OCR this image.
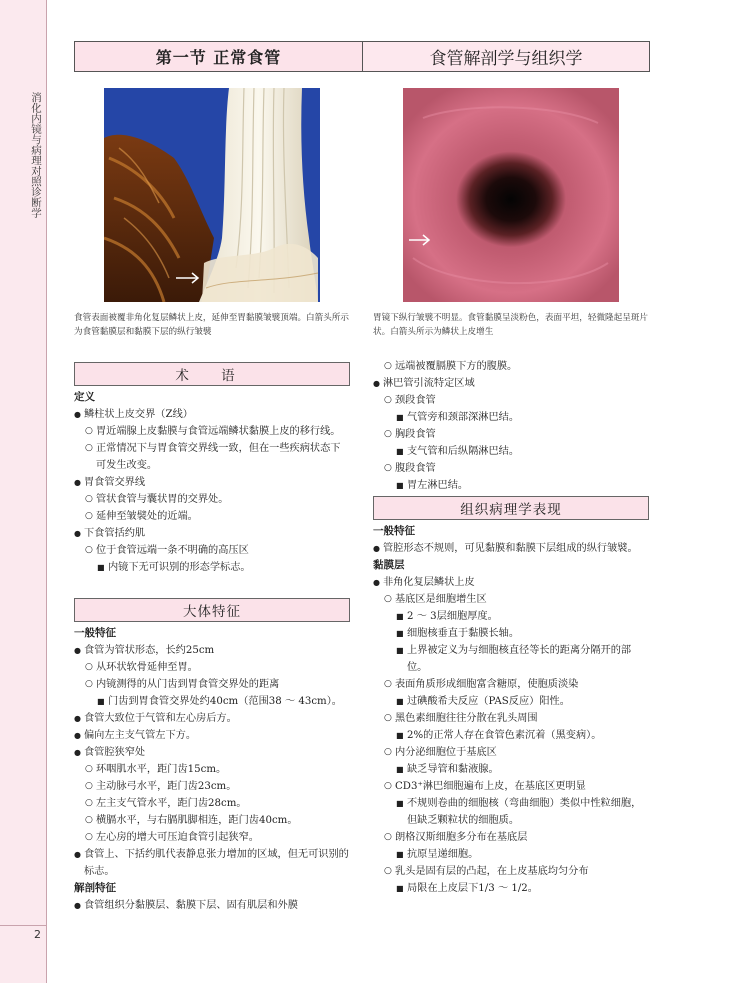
消化内镜与病理对照诊断学
2
第一节 正常食管	食管解剖学与组织学
食管表面被覆非角化复层鳞状上皮，延伸至胃黏膜皱襞顶端。白箭头所示为食管黏膜层和黏膜下层的纵行皱襞
胃镜下纵行皱襞不明显。食管黏膜呈淡粉色，表面平坦，轻微隆起呈斑片状。白箭头所示为鳞状上皮增生
术 语
大体特征
组织病理学表现
定义
● 鳞柱状上皮交界（Z线）
○ 胃近端腺上皮黏膜与食管远端鳞状黏膜上皮的移行线。
○ 正常情况下与胃食管交界线一致，但在一些疾病状态下可发生改变。
● 胃食管交界线
○ 管状食管与囊状胃的交界处。
○ 延伸至皱襞处的近端。
● 下食管括约肌
○ 位于食管远端一条不明确的高压区
■ 内镜下无可识别的形态学标志。
一般特征
● 食管为管状形态，长约25cm
○ 从环状软骨延伸至胃。
○ 内镜测得的从门齿到胃食管交界处的距离
■ 门齿到胃食管交界处约40cm（范围38 ～ 43cm）。
● 食管大致位于气管和左心房后方。
● 偏向左主支气管左下方。
● 食管腔狭窄处
○ 环咽肌水平，距门齿15cm。
○ 主动脉弓水平，距门齿23cm。
○ 左主支气管水平，距门齿28cm。
○ 横膈水平，与右膈肌脚相连，距门齿40cm。
○ 左心房的增大可压迫食管引起狭窄。
● 食管上、下括约肌代表静息张力增加的区域，但无可识别的标志。
解剖特征
● 食管组织分黏膜层、黏膜下层、固有肌层和外膜
○ 远端被覆膈膜下方的腹膜。
● 淋巴管引流特定区域
○ 颈段食管
■ 气管旁和颈部深淋巴结。
○ 胸段食管
■ 支气管和后纵隔淋巴结。
○ 腹段食管
■ 胃左淋巴结。
一般特征
● 管腔形态不规则，可见黏膜和黏膜下层组成的纵行皱襞。
黏膜层
● 非角化复层鳞状上皮
○ 基底区是细胞增生区
■ 2 ～ 3层细胞厚度。
■ 细胞核垂直于黏膜长轴。
■ 上界被定义为与细胞核直径等长的距离分隔开的部位。
○ 表面角质形成细胞富含糖原，使胞质淡染
■ 过碘酸希夫反应（PAS反应）阳性。
○ 黑色素细胞往往分散在乳头周围
■ 2%的正常人存在食管色素沉着（黑变病）。
○ 内分泌细胞位于基底区
■ 缺乏导管和黏液腺。
○ CD3⁺淋巴细胞遍布上皮，在基底区更明显
■ 不规则卷曲的细胞核（弯曲细胞）类似中性粒细胞，但缺乏颗粒状的细胞质。
○ 朗格汉斯细胞多分布在基底层
■ 抗原呈递细胞。
○ 乳头是固有层的凸起，在上皮基底均匀分布
■ 局限在上皮层下1/3 ～ 1/2。
